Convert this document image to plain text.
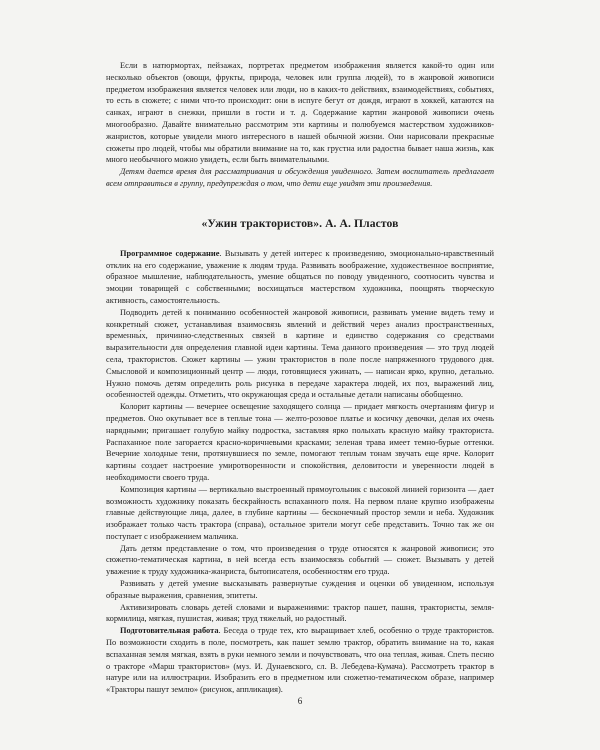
Если в натюрмортах, пейзажах, портретах предметом изображения является какой-то один или несколько объектов (овощи, фрукты, природа, человек или группа людей), то в жанровой живописи предметом изображения является человек или люди, но в каких-то действиях, взаимодействиях, событиях, то есть в сюжете; с ними что-то происходит: они в испуге бегут от дождя, играют в хоккей, катаются на санках, играют в снежки, пришли в гости и т. д. Содержание картин жанровой живописи очень многообразно. Давайте внимательно рассмотрим эти картины и полюбуемся мастерством художников-жанристов, которые увидели много интересного в нашей обычной жизни. Они нарисовали прекрасные сюжеты про людей, чтобы мы обратили внимание на то, как грустна или радостна бывает наша жизнь, как много необычного можно увидеть, если быть внимательными.

Детям дается время для рассматривания и обсуждения увиденного. Затем воспитатель предлагает всем отправиться в группу, предупреждая о том, что дети еще увидят эти произведения.

«Ужин трактористов». А. А. Пластов

Программное содержание. Вызывать у детей интерес к произведению, эмоционально-нравственный отклик на его содержание, уважение к людям труда. Развивать воображение, художественное восприятие, образное мышление, наблюдательность, умение общаться по поводу увиденного, соотносить чувства и эмоции товарищей с собственными; восхищаться мастерством художника, поощрять творческую активность, самостоятельность.

Подводить детей к пониманию особенностей жанровой живописи, развивать умение видеть тему и конкретный сюжет, устанавливая взаимосвязь явлений и действий через анализ пространственных, временны́х, причинно-следственных связей в картине и единство содержания со средствами выразительности для определения главной идеи картины. Тема данного произведения — это труд людей села, трактористов. Сюжет картины — ужин трактористов в поле после напряженного трудового дня. Смысловой и композиционный центр — люди, готовящиеся ужинать, — написан ярко, крупно, детально. Нужно помочь детям определить роль рисунка в передаче характера людей, их поз, выражений лиц, особенностей одежды. Отметить, что окружающая среда и остальные детали написаны обобщенно.

Колорит картины — вечернее освещение заходящего солнца — придает мягкость очертаниям фигур и предметов. Оно окутывает все в теплые тона — желто-розовое платье и косичку девочки, делая их очень нарядными; пригашает голубую майку подростка, заставляя ярко полыхать красную майку тракториста. Распаханное поле загорается красно-коричневыми красками; зеленая трава имеет темно-бурые оттенки. Вечерние холодные тени, протянувшиеся по земле, помогают теплым тонам звучать еще ярче. Колорит картины создает настроение умиротворенности и спокойствия, деловитости и уверенности людей в необходимости своего труда.

Композиция картины — вертикально выстроенный прямоугольник с высокой линией горизонта — дает возможность художнику показать бескрайность вспаханного поля. На первом плане крупно изображены главные действующие лица, далее, в глубине картины — бесконечный простор земли и неба. Художник изображает только часть трактора (справа), остальное зрители могут себе представить. Точно так же он поступает с изображением мальчика.

Дать детям представление о том, что произведения о труде относятся к жанровой живописи; это сюжетно-тематическая картина, в ней всегда есть взаимосвязь событий — сюжет. Вызывать у детей уважение к труду художника-жанриста, бытописателя, особенностям его труда.

Развивать у детей умение высказывать развернутые суждения и оценки об увиденном, используя образные выражения, сравнения, эпитеты.

Активизировать словарь детей словами и выражениями: трактор пашет, пашня, трактористы, земля-кормилица, мягкая, пушистая, живая; труд тяжелый, но радостный.

Подготовительная работа. Беседа о труде тех, кто выращивает хлеб, особенно о труде трактористов. По возможности сходить в поле, посмотреть, как пашет землю трактор, обратить внимание на то, какая вспаханная земля мягкая, взять в руки немного земли и почувствовать, что она теплая, живая. Спеть песню о тракторе «Марш трактористов» (муз. И. Дунаевского, сл. В. Лебедева-Кумача). Рассмотреть трактор в натуре или на иллюстрации. Изобразить его в предметном или сюжетно-тематическом образе, например «Тракторы пашут землю» (рисунок, аппликация).

6
